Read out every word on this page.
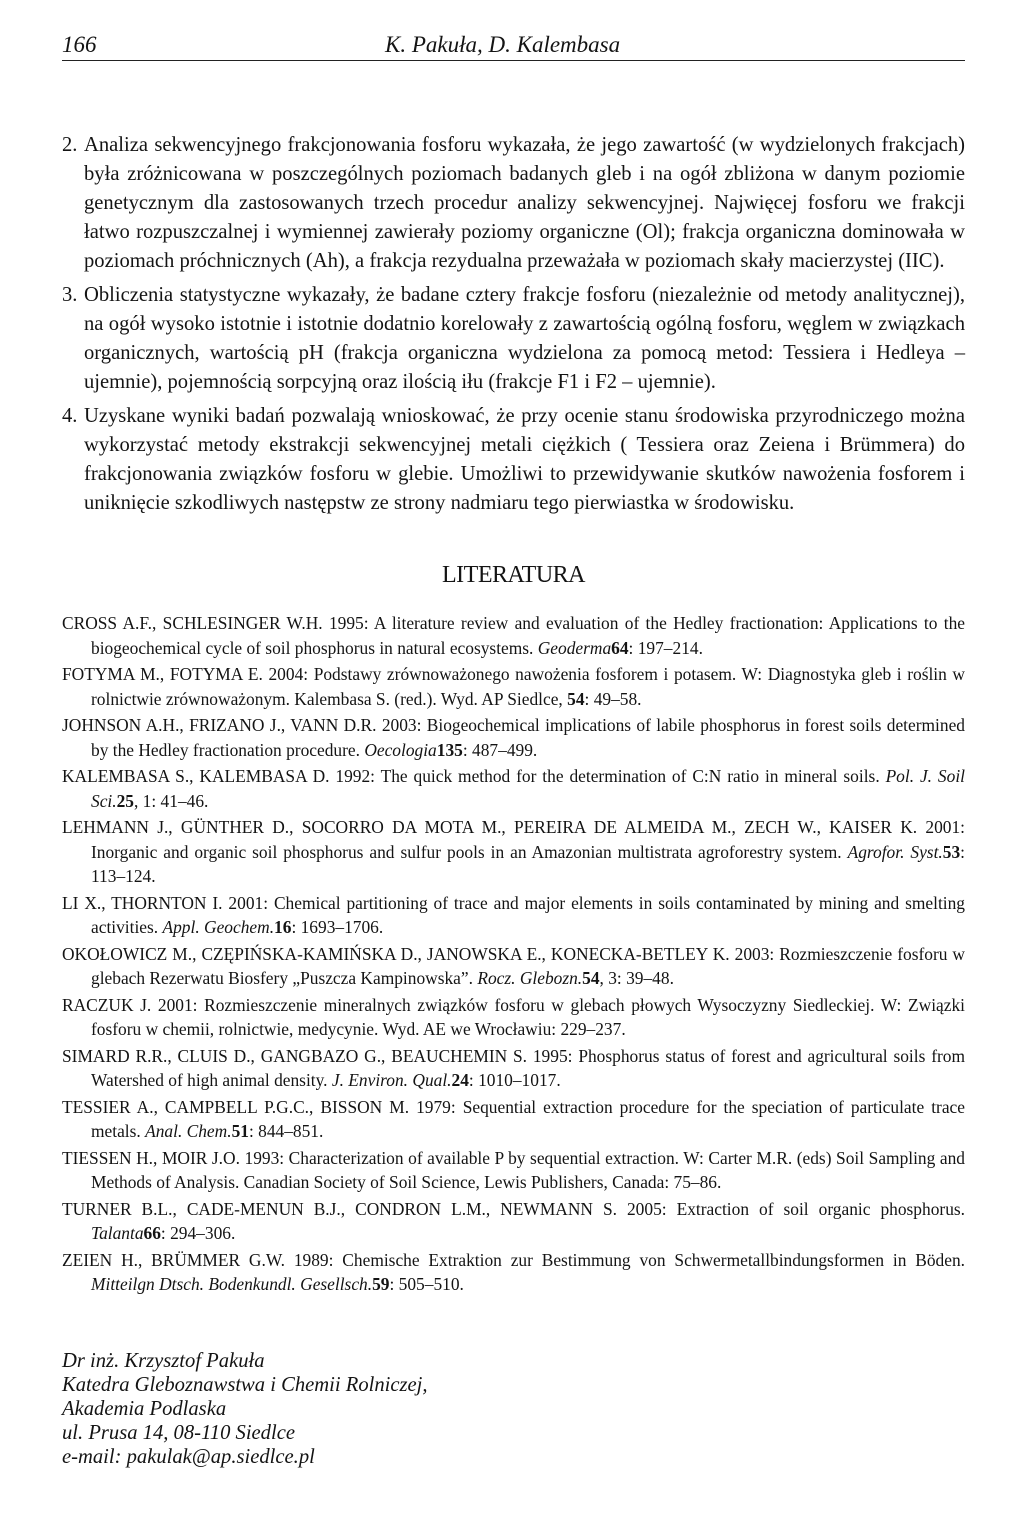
166	K. Pakuła, D. Kalembasa

2. Analiza sekwencyjnego frakcjonowania fosforu wykazała, że jego zawartość (w wydzielonych frakcjach) była zróżnicowana w poszczególnych poziomach badanych gleb i na ogół zbliżona w danym poziomie genetycznym dla zastosowanych trzech procedur analizy sekwencyjnej. Najwięcej fosforu we frakcji łatwo rozpuszczalnej i wymiennej zawierały poziomy organiczne (Ol); frakcja organiczna dominowała w poziomach próchnicznych (Ah), a frakcja rezydualna przeważała w poziomach skały macierzystej (IIC).

3. Obliczenia statystyczne wykazały, że badane cztery frakcje fosforu (niezależnie od metody analitycznej), na ogół wysoko istotnie i istotnie dodatnio korelowały z zawartością ogólną fosforu, węglem w związkach organicznych, wartością pH (frakcja organiczna wydzielona za pomocą metod: Tessiera i Hedleya – ujemnie), pojemnością sorpcyjną oraz ilością iłu (frakcje F1 i F2 – ujemnie).

4. Uzyskane wyniki badań pozwalają wnioskować, że przy ocenie stanu środowiska przyrodniczego można wykorzystać metody ekstrakcji sekwencyjnej metali ciężkich ( Tessiera oraz Zeiena i Brümmera) do frakcjonowania związków fosforu w glebie. Umożliwi to przewidywanie skutków nawożenia fosforem i uniknięcie szkodliwych następstw ze strony nadmiaru tego pierwiastka w środowisku.

LITERATURA

CROSS A.F., SCHLESINGER W.H. 1995: A literature review and evaluation of the Hedley fractionation: Applications to the biogeochemical cycle of soil phosphorus in natural ecosystems. Geoderma64: 197–214.

FOTYMA M., FOTYMA E. 2004: Podstawy zrównoważonego nawożenia fosforem i potasem. W: Diagnostyka gleb i roślin w rolnictwie zrównoważonym. Kalembasa S. (red.). Wyd. AP Siedlce, 54: 49–58.

JOHNSON A.H., FRIZANO J., VANN D.R. 2003: Biogeochemical implications of labile phosphorus in forest soils determined by the Hedley fractionation procedure. Oecologia135: 487–499.

KALEMBASA S., KALEMBASA D. 1992: The quick method for the determination of C:N ratio in mineral soils. Pol. J. Soil Sci.25, 1: 41–46.

LEHMANN J., GÜNTHER D., SOCORRO DA MOTA M., PEREIRA DE ALMEIDA M., ZECH W., KAISER K. 2001: Inorganic and organic soil phosphorus and sulfur pools in an Amazonian multistrata agroforestry system. Agrofor. Syst.53: 113–124.

LI X., THORNTON I. 2001: Chemical partitioning of trace and major elements in soils contaminated by mining and smelting activities. Appl. Geochem.16: 1693–1706.

OKOŁOWICZ M., CZĘPIŃSKA-KAMIŃSKA D., JANOWSKA E., KONECKA-BETLEY K. 2003: Rozmieszczenie fosforu w glebach Rezerwatu Biosfery „Puszcza Kampinowska”. Rocz. Glebozn.54, 3: 39–48.

RACZUK J. 2001: Rozmieszczenie mineralnych związków fosforu w glebach płowych Wysoczyzny Siedleckiej. W: Związki fosforu w chemii, rolnictwie, medycynie. Wyd. AE we Wrocławiu: 229–237.

SIMARD R.R., CLUIS D., GANGBAZO G., BEAUCHEMIN S. 1995: Phosphorus status of forest and agricultural soils from Watershed of high animal density. J. Environ. Qual.24: 1010–1017.

TESSIER A., CAMPBELL P.G.C., BISSON M. 1979: Sequential extraction procedure for the speciation of particulate trace metals. Anal. Chem.51: 844–851.

TIESSEN H., MOIR J.O. 1993: Characterization of available P by sequential extraction. W: Carter M.R. (eds) Soil Sampling and Methods of Analysis. Canadian Society of Soil Science, Lewis Publishers, Canada: 75–86.

TURNER B.L., CADE-MENUN B.J., CONDRON L.M., NEWMANN S. 2005: Extraction of soil organic phosphorus. Talanta66: 294–306.

ZEIEN H., BRÜMMER G.W. 1989: Chemische Extraktion zur Bestimmung von Schwermetallbindungsformen in Böden. Mitteilgn Dtsch. Bodenkundl. Gesellsch.59: 505–510.

Dr inż. Krzysztof Pakuła
Katedra Gleboznawstwa i Chemii Rolniczej,
Akademia Podlaska
ul. Prusa 14, 08-110 Siedlce
e-mail: pakulak@ap.siedlce.pl
